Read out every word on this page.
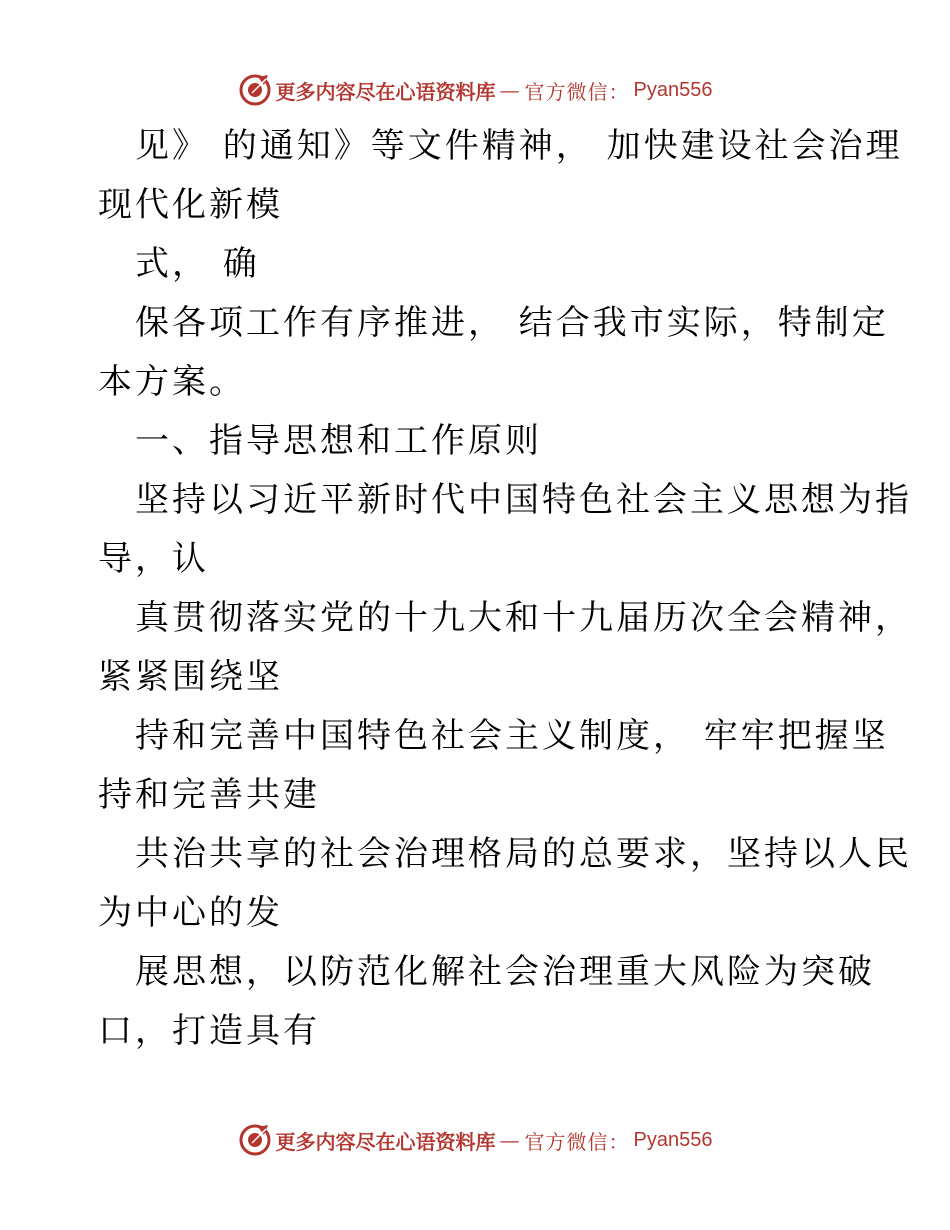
更多内容尽在心语资料库 — 官方微信： Pyan556
见》 的通知》等文件精神， 加快建设社会治理
现代化新模
式， 确
保各项工作有序推进， 结合我市实际，特制定
本方案。
一、指导思想和工作原则
坚持以习近平新时代中国特色社会主义思想为指
导，认
真贯彻落实党的十九大和十九届历次全会精神，
紧紧围绕坚
持和完善中国特色社会主义制度， 牢牢把握坚
持和完善共建
共治共享的社会治理格局的总要求，坚持以人民
为中心的发
展思想，以防范化解社会治理重大风险为突破
口，打造具有
更多内容尽在心语资料库 — 官方微信： Pyan556
